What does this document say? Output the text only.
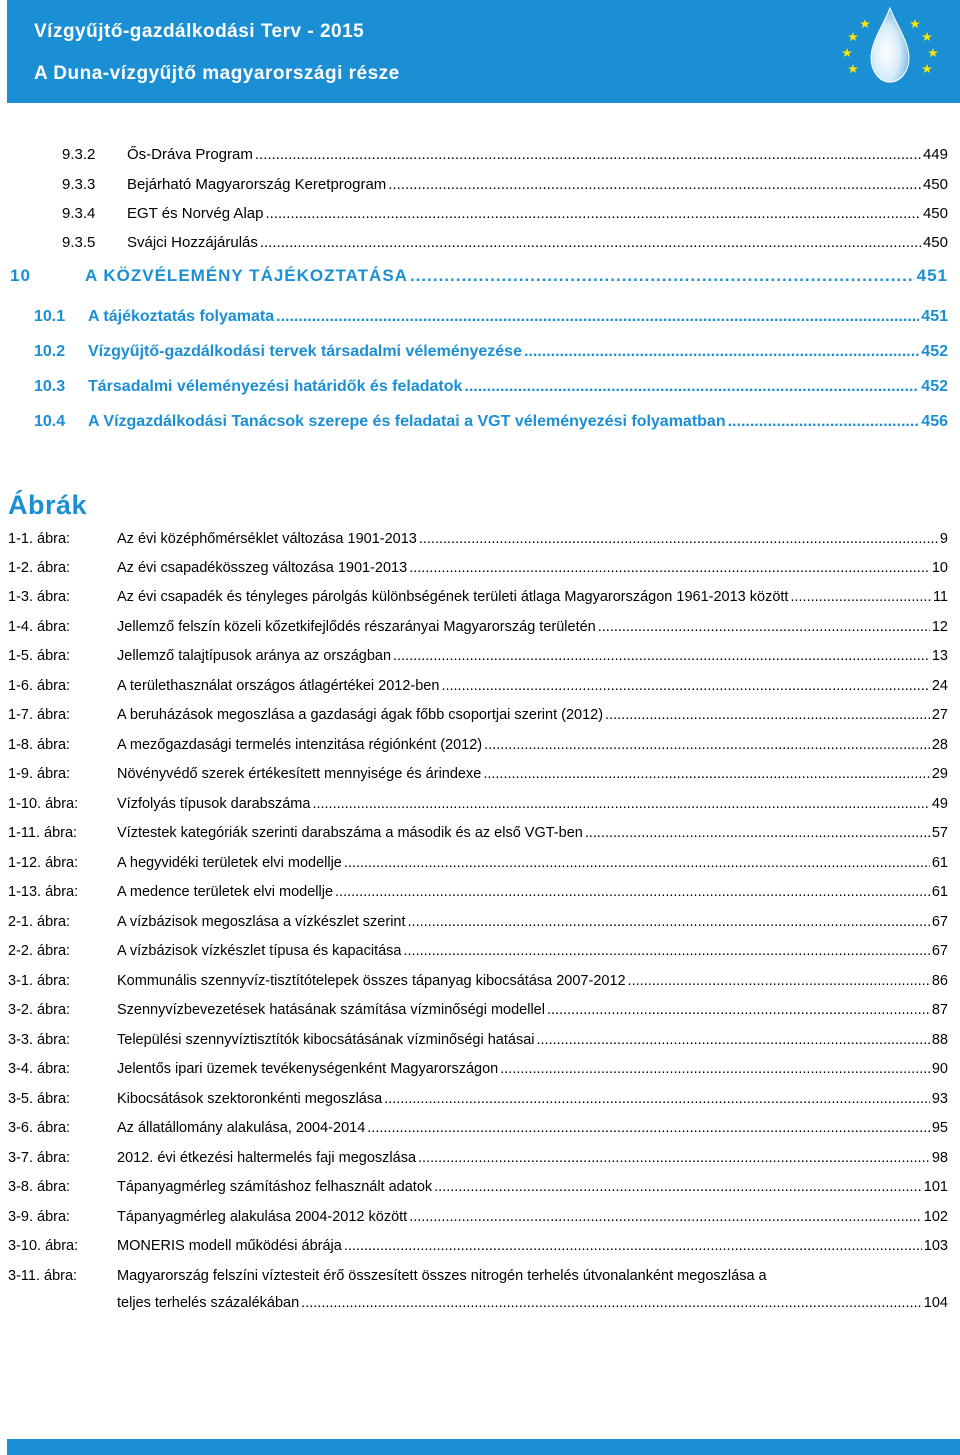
Vízgyűjtő-gazdálkodási Terv - 2015
A Duna-vízgyűjtő magyarországi része
9.3.2	Ős-Dráva Program .....	449
9.3.3	Bejárható Magyarország Keretprogram .....	450
9.3.4	EGT és Norvég Alap .....	450
9.3.5	Svájci Hozzájárulás .....	450
10	A KÖZVÉLEMÉNY TÁJÉKOZTATÁSA .....	451
10.1	A tájékoztatás folyamata .....	451
10.2	Vízgyűjtő-gazdálkodási tervek társadalmi véleményezése .....	452
10.3	Társadalmi véleményezési határidők és feladatok .....	452
10.4	A Vízgazdálkodási Tanácsok szerepe és feladatai a VGT véleményezési folyamatban .....	456
Ábrák
1-1. ábra:	Az évi középhőmérséklet változása 1901-2013 .....	9
1-2. ábra:	Az évi csapadékösszeg változása 1901-2013 .....	10
1-3. ábra:	Az évi csapadék és tényleges párolgás különbségének területi átlaga Magyarországon 1961-2013 között .....	11
1-4. ábra:	Jellemző felszín közeli kőzetkifejlődés részarányai Magyarország területén .....	12
1-5. ábra:	Jellemző talajtípusok aránya az országban .....	13
1-6. ábra:	A területhasználat országos átlagértékei 2012-ben .....	24
1-7. ábra:	A beruházások megoszlása a gazdasági ágak főbb csoportjai szerint (2012) .....	27
1-8. ábra:	A mezőgazdasági termelés intenzitása régiónként (2012) .....	28
1-9. ábra:	Növényvédő szerek értékesített mennyisége és árindexe .....	29
1-10. ábra:	Vízfolyás típusok darabszáma .....	49
1-11. ábra:	Víztestek kategóriák szerinti darabszáma a második és az első VGT-ben .....	57
1-12. ábra:	A hegyvidéki területek elvi modellje .....	61
1-13. ábra:	A medence területek elvi modellje .....	61
2-1. ábra:	A vízbázisok megoszlása a vízkészlet szerint .....	67
2-2. ábra:	A vízbázisok vízkészlet típusa és kapacitása .....	67
3-1. ábra:	Kommunális szennyvíz-tisztítótelepek összes tápanyag kibocsátása 2007-2012 .....	86
3-2. ábra:	Szennyvízbevezetések hatásának számítása vízminőségi modellel .....	87
3-3. ábra:	Települési szennyvíztisztítók kibocsátásának vízminőségi hatásai .....	88
3-4. ábra:	Jelentős ipari üzemek tevékenységenként Magyarországon .....	90
3-5. ábra:	Kibocsátások szektoronkénti megoszlása .....	93
3-6. ábra:	Az állatállomány alakulása, 2004-2014 .....	95
3-7. ábra:	2012. évi étkezési haltermelés faji megoszlása .....	98
3-8. ábra:	Tápanyagmérleg számításhoz felhasznált adatok .....	101
3-9. ábra:	Tápanyagmérleg alakulása 2004-2012 között .....	102
3-10. ábra:	MONERIS modell működési ábrája .....	103
3-11. ábra:	Magyarország felszíni víztesteit érő összesített összes nitrogén terhelés útvonalanként megoszlása a
teljes terhelés százalékában .....	104
